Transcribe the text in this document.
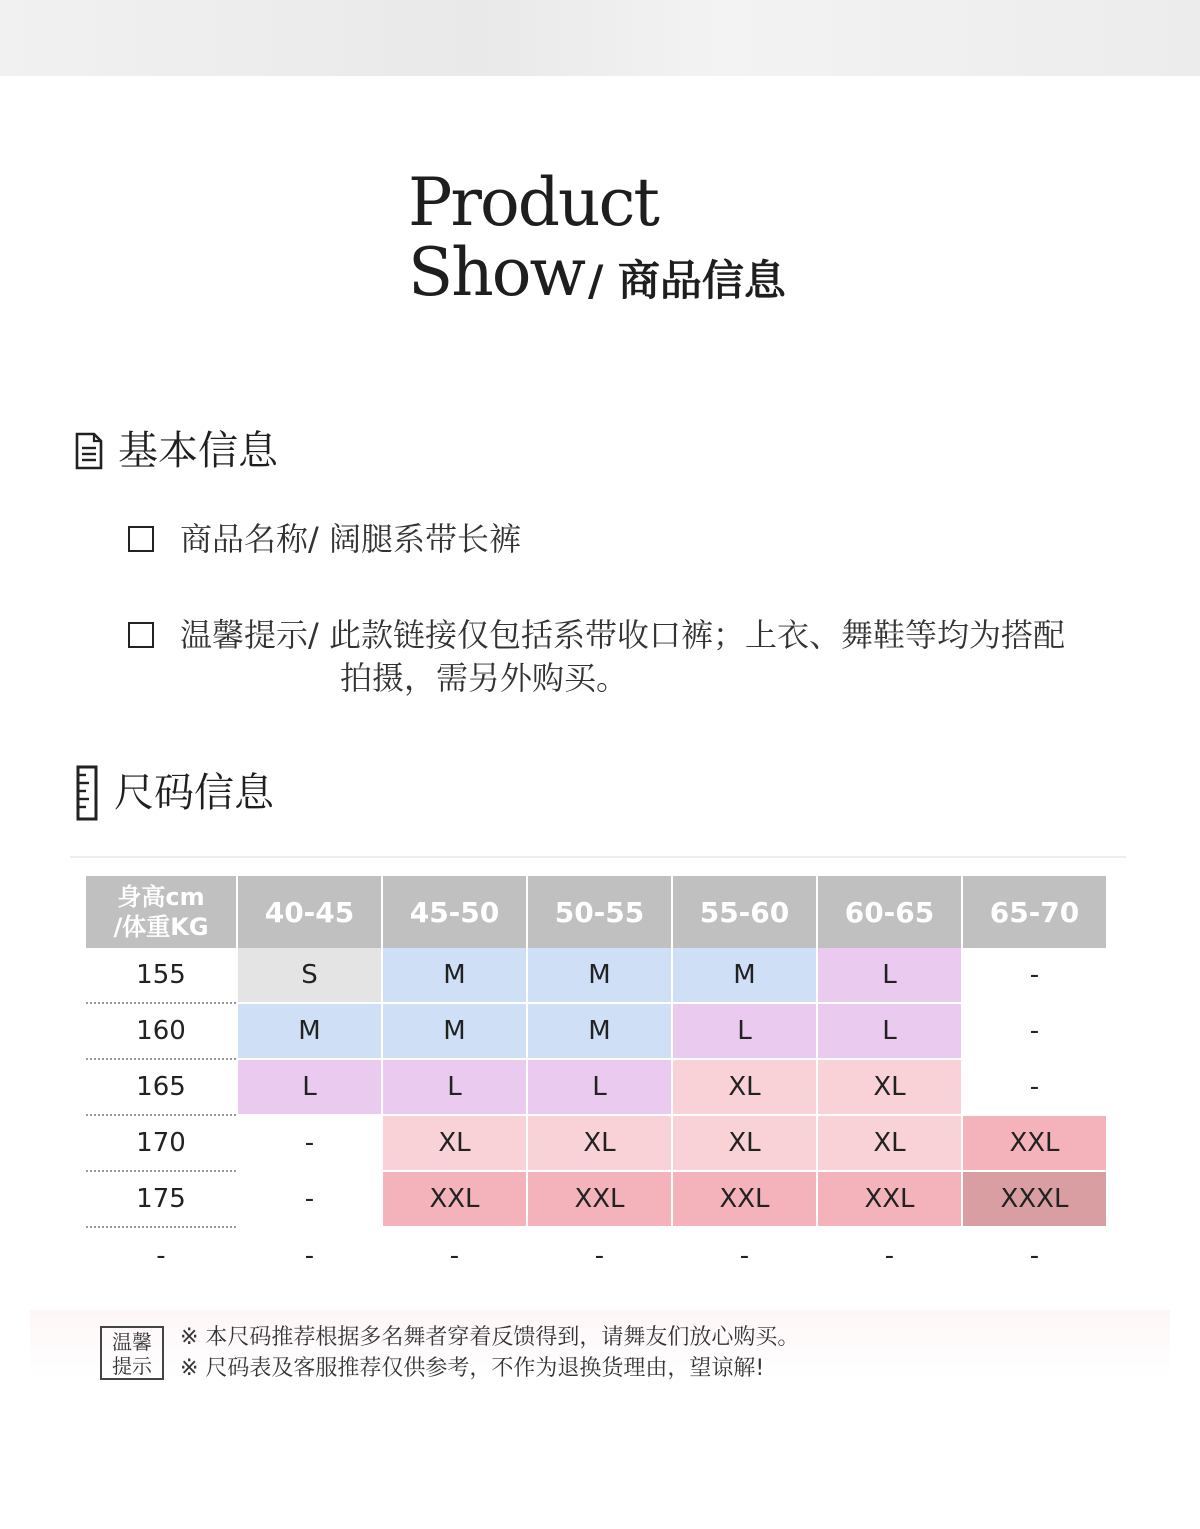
Product
Show / 商品信息
基本信息
商品名称/ 阔腿系带长裤
温馨提示/ 此款链接仅包括系带收口裤；上衣、舞鞋等均为搭配
拍摄，需另外购买。
尺码信息
身高cm
/体重KG	40-45	45-50	50-55	55-60	60-65	65-70
155	S	M	M	M	L	-
160	M	M	M	L	L	-
165	L	L	L	XL	XL	-
170	-	XL	XL	XL	XL	XXL
175	-	XXL	XXL	XXL	XXL	XXXL
-	-	-	-	-	-	-
温馨
提示
※ 本尺码推荐根据多名舞者穿着反馈得到，请舞友们放心购买。
※ 尺码表及客服推荐仅供参考，不作为退换货理由，望谅解!
